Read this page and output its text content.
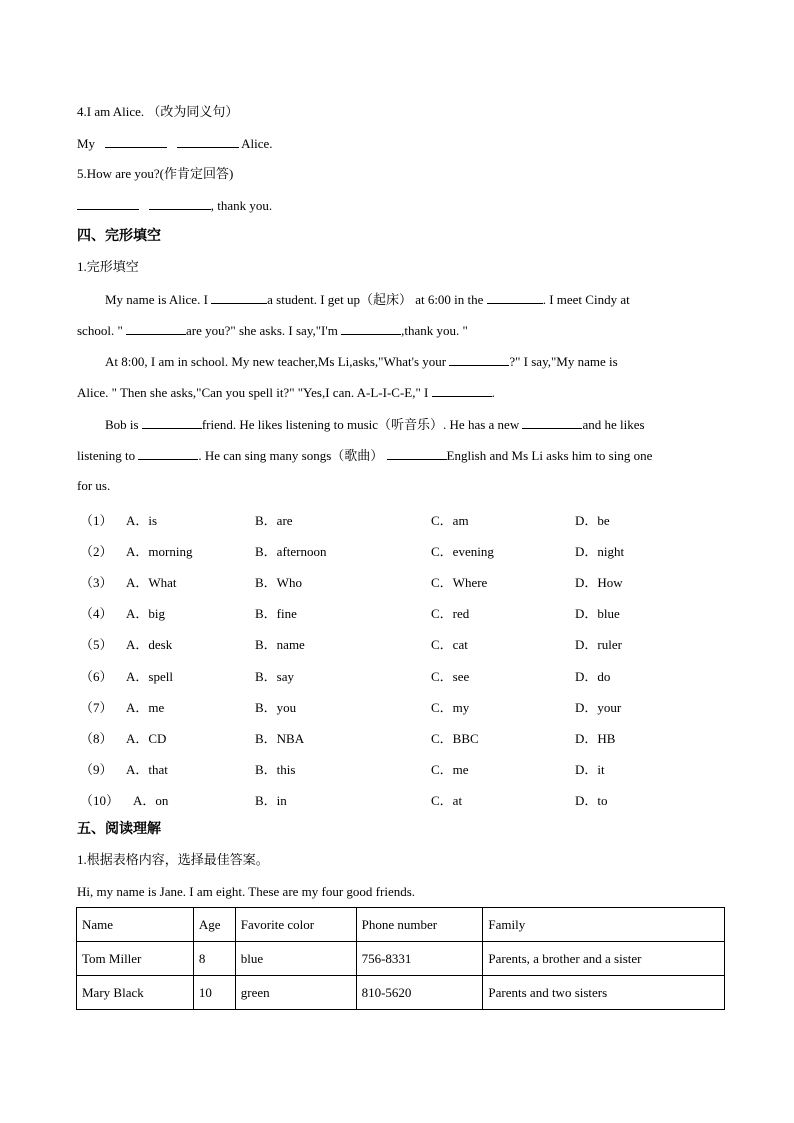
4.I am Alice. （改为同义句）
My	Alice.
5.How are you?(作肯定回答)
, thank you.
四、完形填空
1.完形填空
My name is Alice. I	a student. I get up（起床） at 6:00 in the	. I meet Cindy at
school. "	are you?" she asks. I say,"I'm	,thank you. "
At 8:00, I am in school. My new teacher,Ms Li,asks,"What's your	?" I say,"My name is
Alice. " Then she asks,"Can you spell it?" "Yes,I can. A-L-I-C-E," I	.
Bob is	friend. He likes listening to music（听音乐）. He has a new	and he likes
listening to	. He can sing many songs（歌曲）	English and Ms Li asks him to sing one
for us.
（1） A．is	B．are	C．am	D．be
（2） A．morning	B．afternoon	C．evening	D．night
（3） A．What	B．Who	C．Where	D．How
（4） A．big	B．fine	C．red	D．blue
（5） A．desk	B．name	C．cat	D．ruler
（6） A．spell	B．say	C．see	D．do
（7） A．me	B．you	C．my	D．your
（8） A．CD	B．NBA	C．BBC	D．HB
（9） A．that	B．this	C．me	D．it
（10） A．on	B．in	C．at	D．to
五、阅读理解
1.根据表格内容，选择最佳答案。
Hi, my name is Jane. I am eight. These are my four good friends.
Name	Age	Favorite color	Phone number	Family
Tom Miller	8	blue	756-8331	Parents, a brother and a sister
Mary Black	10	green	810-5620	Parents and two sisters
